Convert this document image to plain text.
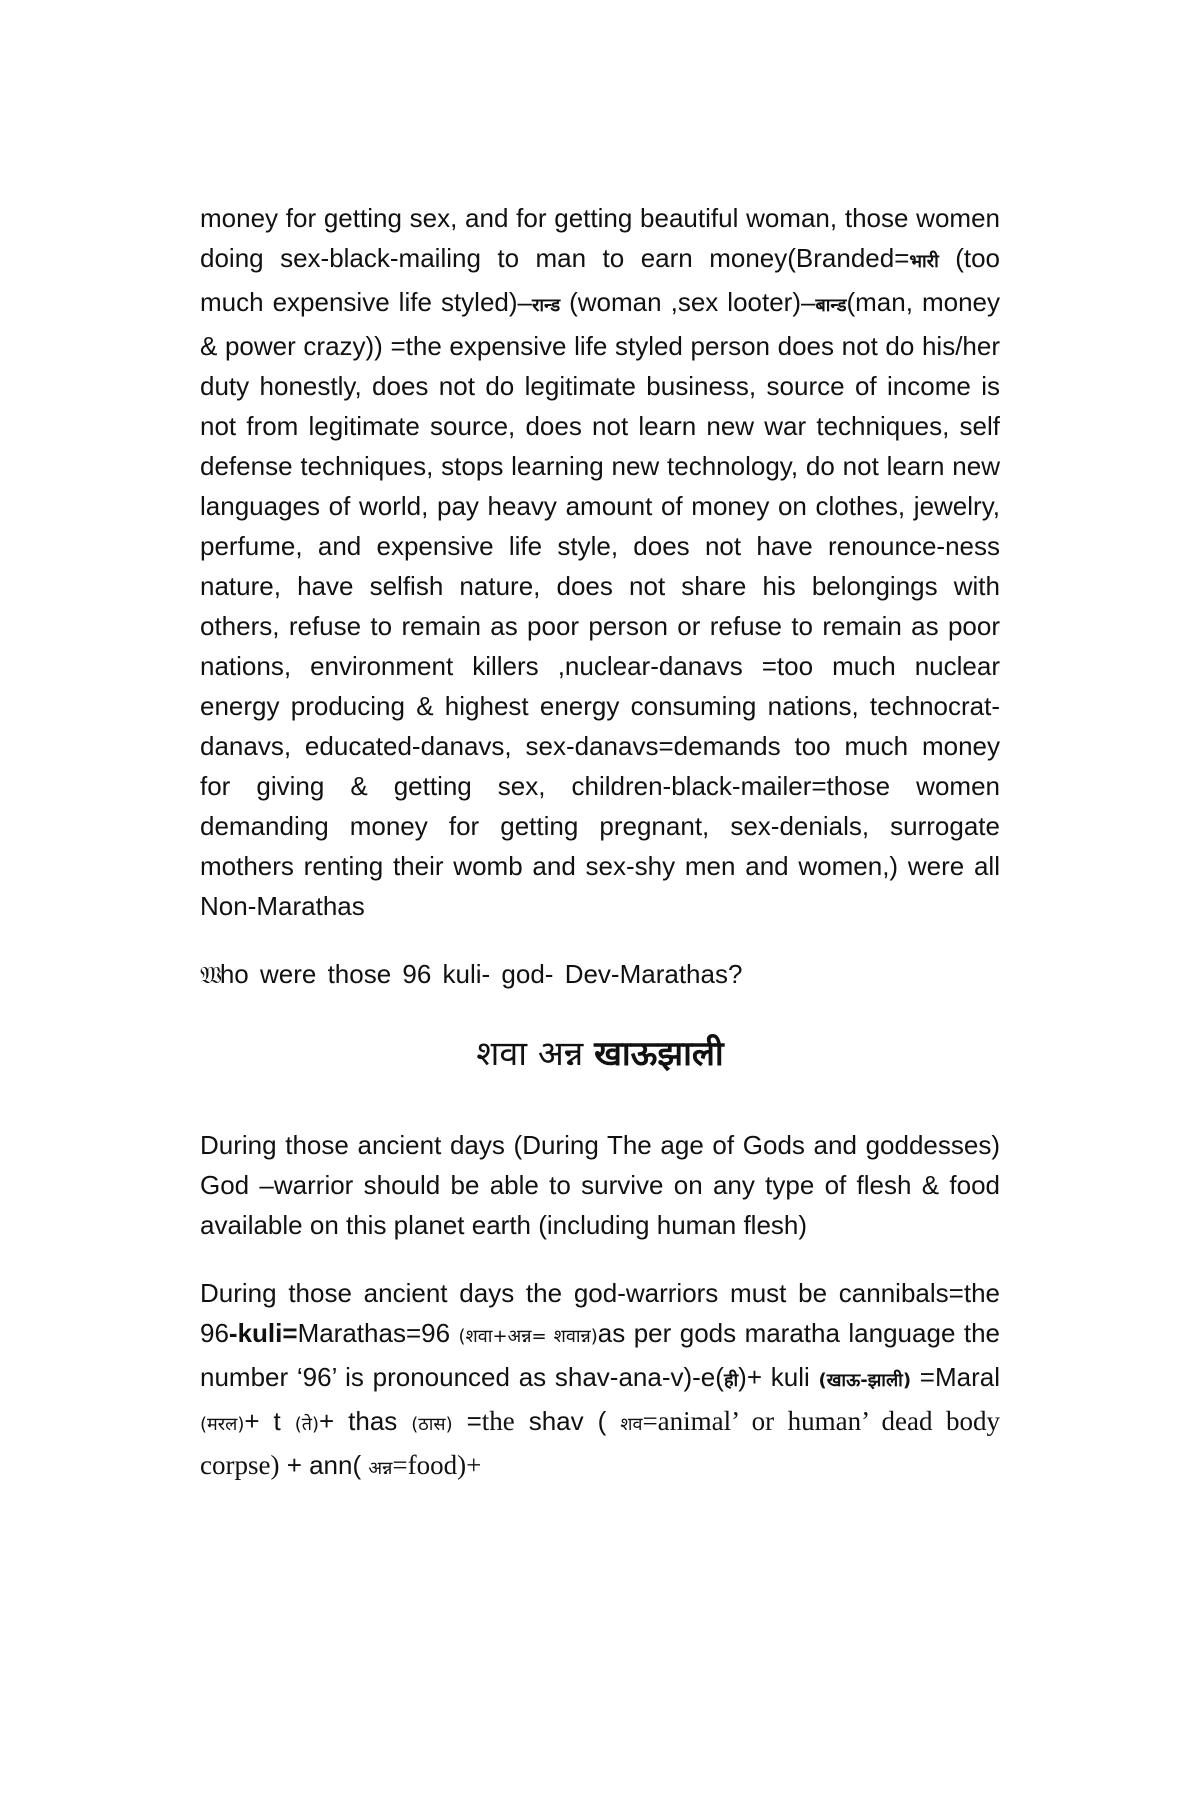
money for getting sex, and for getting beautiful woman, those women doing sex-black-mailing to man to earn money(Branded=भारी (too much expensive life styled)–रान्ड (woman ,sex looter)–बान्ड(man, money & power crazy)) =the expensive life styled person does not do his/her duty honestly, does not do legitimate business, source of income is not from legitimate source, does not learn new war techniques, self defense techniques, stops learning new technology, do not learn new languages of world, pay heavy amount of money on clothes, jewelry, perfume, and expensive life style, does not have renounce-ness nature, have selfish nature, does not share his belongings with others, refuse to remain as poor person or refuse to remain as poor nations, environment killers ,nuclear-danavs =too much nuclear energy producing & highest energy consuming nations, technocrat-danavs, educated-danavs, sex-danavs=demands too much money for giving & getting sex, children-black-mailer=those women demanding money for getting pregnant, sex-denials, surrogate mothers renting their womb and sex-shy men and women,) were all Non-Marathas

𝔚ho were those 96 kuli- god- Dev-Marathas?

शवा अन्न खाऊझाली

During those ancient days (During The age of Gods and goddesses) God –warrior should be able to survive on any type of flesh & food available on this planet earth (including human flesh)

During those ancient days the god-warriors must be cannibals=the 96-kuli=Marathas=96 (शवा+अन्न= शवान्न)as per gods maratha language the number ‘96’ is pronounced as shav-ana-v)-e(ही)+ kuli (खाऊ-झाली) =Maral (मरल)+ t (ते)+ thas (ठास) =the shav ( शव=animal’ or human’ dead body corpse) + ann( अन्न=food)+
